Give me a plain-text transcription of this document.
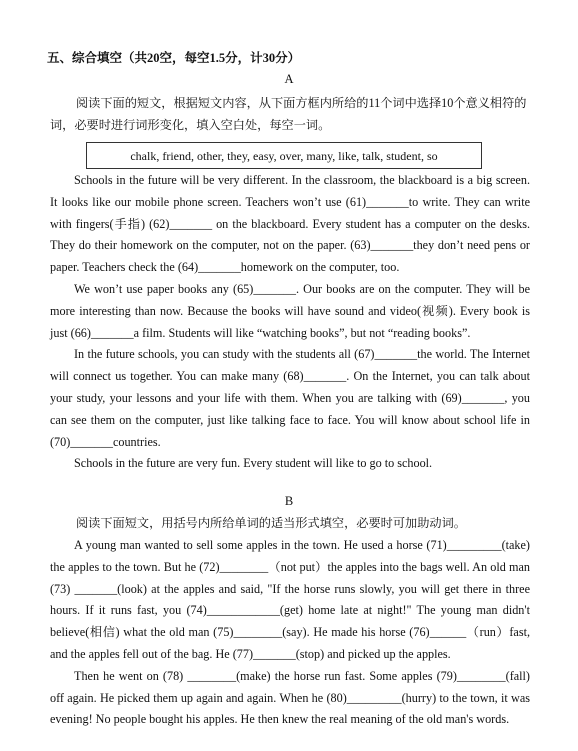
五、综合填空（共20空，每空1.5分，计30分）
A
阅读下面的短文，根据短文内容，从下面方框内所给的11个词中选择10个意义相符的词，必要时进行词形变化，填入空白处，每空一词。
chalk, friend, other, they, easy, over, many, like, talk, student, so

Schools in the future will be very different. In the classroom, the blackboard is a big screen. It looks like our mobile phone screen. Teachers won’t use (61)_______to write. They can write with fingers(手指) (62)_______ on the blackboard. Every student has a computer on the desks. They do their homework on the computer, not on the paper. (63)_______they don’t need pens or paper. Teachers check the (64)_______homework on the computer, too.

We won’t use paper books any (65)_______. Our books are on the computer. They will be more interesting than now. Because the books will have sound and video(视频). Every book is just (66)_______a film. Students will like “watching books”, but not “reading books”.

In the future schools, you can study with the students all (67)_______the world. The Internet will connect us together. You can make many (68)_______. On the Internet, you can talk about your study, your lessons and your life with them. When you are talking with (69)_______, you can see them on the computer, just like talking face to face. You will know about school life in (70)_______countries.

Schools in the future are very fun. Every student will like to go to school.

B
阅读下面短文，用括号内所给单词的适当形式填空，必要时可加助动词。

A young man wanted to sell some apples in the town. He used a horse (71)_________(take) the apples to the town. But he (72)________（not put）the apples into the bags well. An old man (73) _______(look) at the apples and said, "If the horse runs slowly, you will get there in three hours. If it runs fast, you (74)____________(get) home late at night!" The young man didn't believe(相信) what the old man (75)________(say). He made his horse (76)______（run）fast, and the apples fell out of the bag. He (77)_______(stop) and picked up the apples.

Then he went on (78) ________(make) the horse run fast. Some apples (79)________(fall) off again. He picked them up again and again. When he (80)_________(hurry) to the town, it was evening! No people bought his apples. He then knew the real meaning of the old man's words.
